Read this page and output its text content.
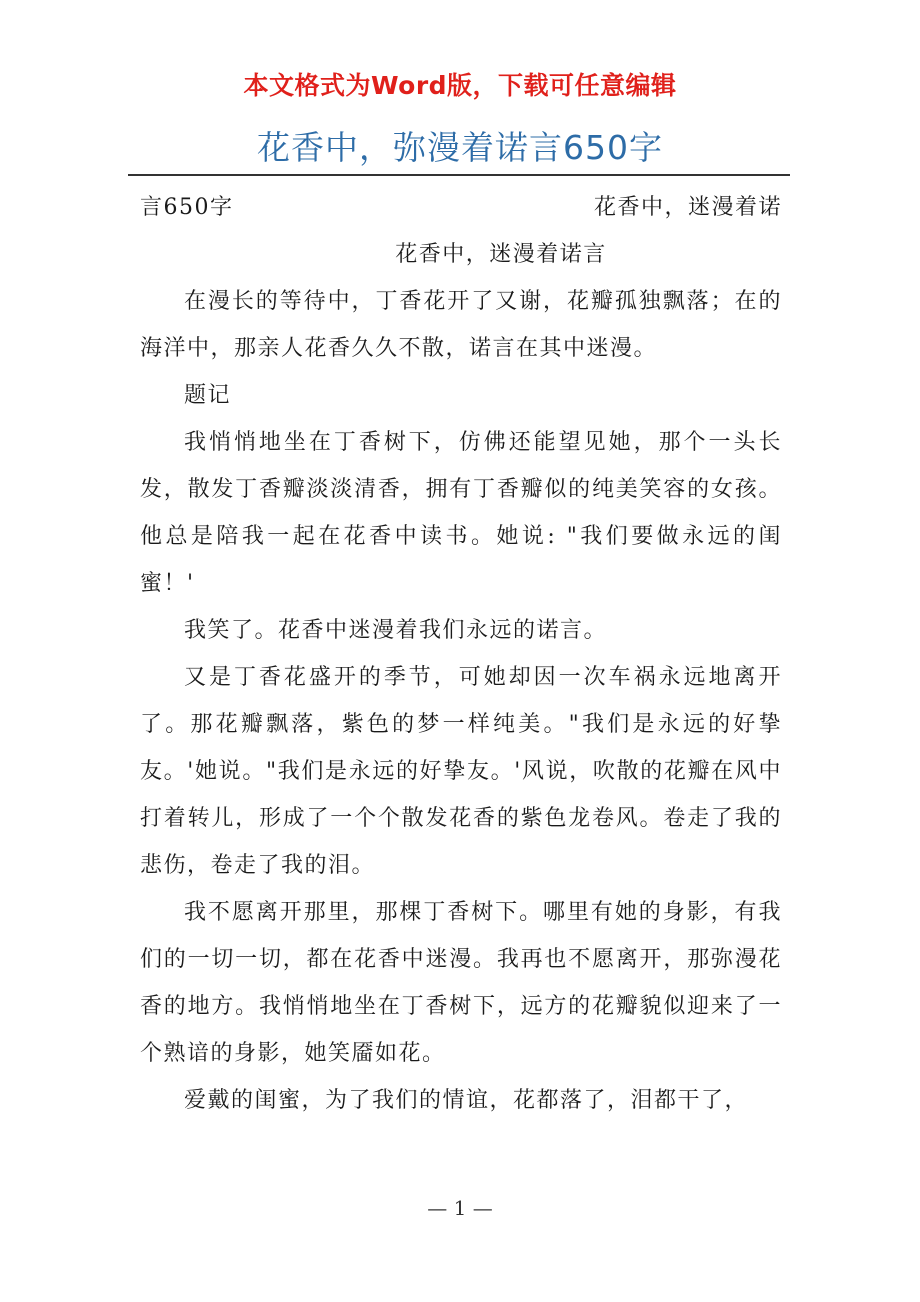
本文格式为Word版，下载可任意编辑
花香中，弥漫着诺言650字

花香中，迷漫着诺

言650字

花香中，迷漫着诺言

在漫长的等待中，丁香花开了又谢，花瓣孤独飘落；在的海洋中，那亲人花香久久不散，诺言在其中迷漫。

题记

我悄悄地坐在丁香树下，仿佛还能望见她，那个一头长发，散发丁香瓣淡淡清香，拥有丁香瓣似的纯美笑容的女孩。他总是陪我一起在花香中读书。她说: "我们要做永远的闺蜜！'

我笑了。花香中迷漫着我们永远的诺言。

又是丁香花盛开的季节，可她却因一次车祸永远地离开了。那花瓣飘落，紫色的梦一样纯美。"我们是永远的好挚友。'她说。"我们是永远的好挚友。'风说，吹散的花瓣在风中打着转儿，形成了一个个散发花香的紫色龙卷风。卷走了我的悲伤，卷走了我的泪。

我不愿离开那里，那棵丁香树下。哪里有她的身影，有我们的一切一切，都在花香中迷漫。我再也不愿离开，那弥漫花香的地方。我悄悄地坐在丁香树下，远方的花瓣貌似迎来了一个熟谙的身影，她笑靥如花。

爱戴的闺蜜，为了我们的情谊，花都落了，泪都干了，

— 1 —
